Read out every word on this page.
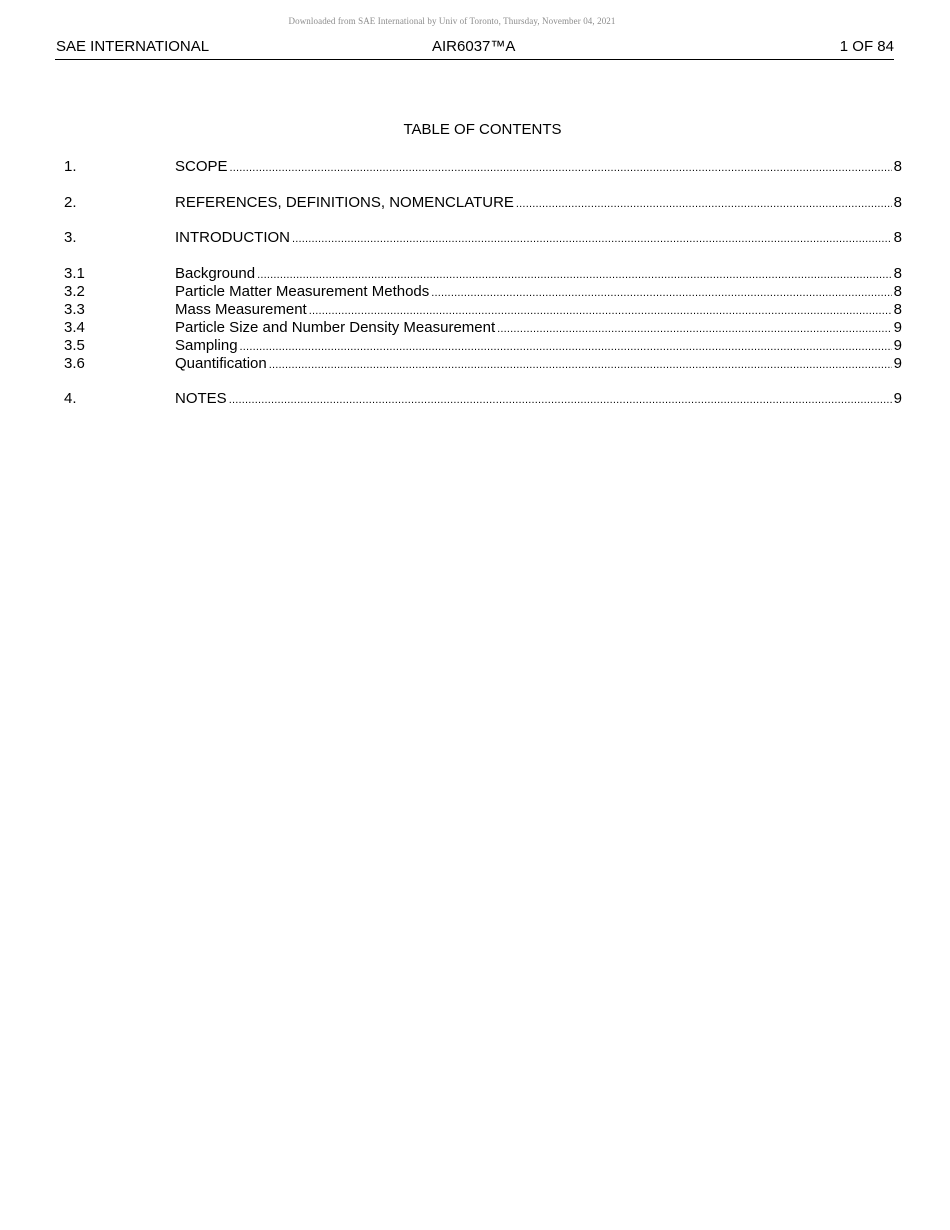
Downloaded from SAE International by Univ of Toronto, Thursday, November 04, 2021
SAE INTERNATIONAL	AIR6037™A	1 OF 84
TABLE OF CONTENTS
1.	SCOPE .....	8
2.	REFERENCES, DEFINITIONS, NOMENCLATURE .....	8
3.	INTRODUCTION .....	8
3.1	Background .....	8
3.2	Particle Matter Measurement Methods .....	8
3.3	Mass Measurement .....	8
3.4	Particle Size and Number Density Measurement .....	9
3.5	Sampling .....	9
3.6	Quantification .....	9
4.	NOTES .....	9
